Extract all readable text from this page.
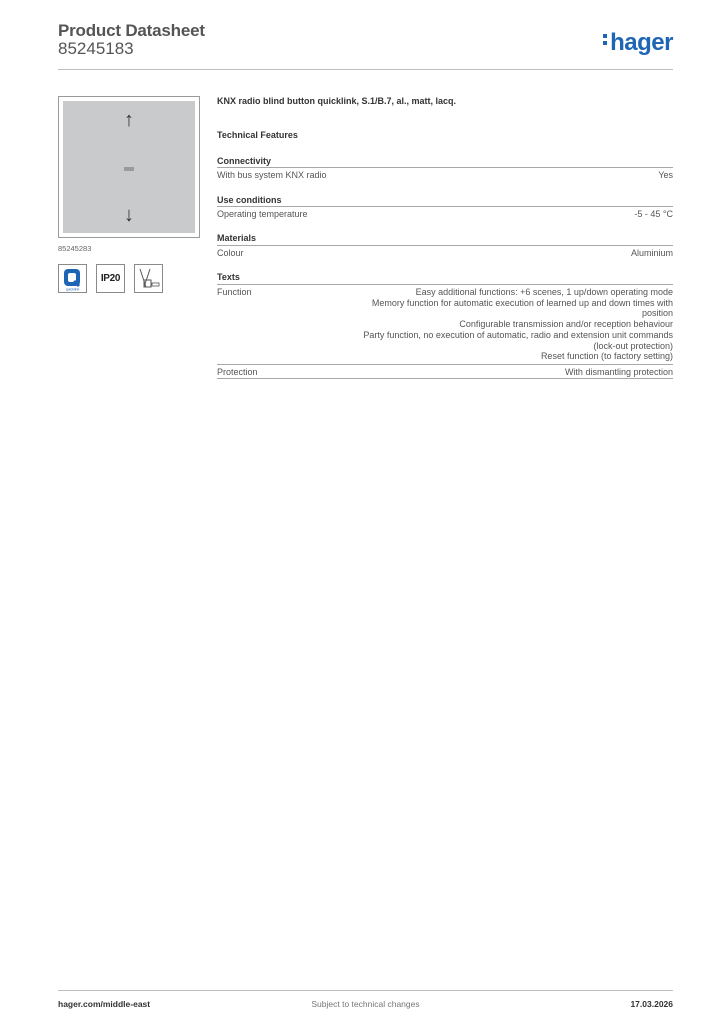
Product Datasheet
85245183	hager
↑
↓
85245283
quicklink
IP20
KNX radio blind button quicklink, S.1/B.7, al., matt, lacq.
Technical Features
Connectivity
With bus system KNX radio	Yes
Use conditions
Operating temperature	-5 - 45 °C
Materials
Colour	Aluminium
Texts
Function	Easy additional functions: +6 scenes, 1 up/down operating mode
Memory function for automatic execution of learned up and down times with
position
Configurable transmission and/or reception behaviour
Party function, no execution of automatic, radio and extension unit commands
(lock-out protection)
Reset function (to factory setting)
Protection	With dismantling protection
hager.com/middle-east	Subject to technical changes	17.03.2026
